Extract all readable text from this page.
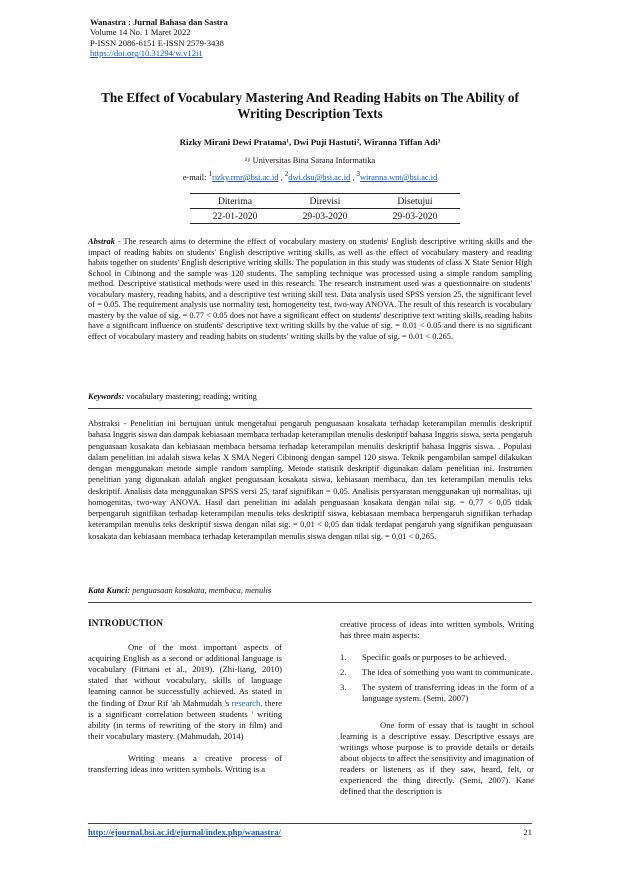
Wanastra : Jurnal Bahasa dan Sastra
Volume 14 No. 1 Maret 2022
P-ISSN 2086-6151 E-ISSN 2579-3438
https://doi.org/10.31294/w.v12i1
The Effect of Vocabulary Mastering And Reading Habits on The Ability of Writing Description Texts
Rizky Mirani Dewi Pratama¹, Dwi Puji Hastuti², Wiranna Tiffan Adi³
¹ʲʳ Universitas Bina Sarana Informatika
e-mail: $^1$rizky.rmr@bsi.ac.id , $^2$dwi.dsu@bsi.ac.id , $^3$wiranna.wnt@bsi.ac.id
Diterima	Direvisi	Disetujui
22-01-2020	29-03-2020	29-03-2020
Abstrak - The research aims to determine the effect of vocabulary mastery on students' English descriptive writing skills and the impact of reading habits on students' English descriptive writing skills, as well as the effect of vocabulary mastery and reading habits together on students' English descriptive writing skills. The population in this study was students of class X State Senior High School in Cibinong and the sample was 120 students. The sampling technique was processed using a simple random sampling method. Descriptive statistical methods were used in this research. The research instrument used was a questionnaire on students' vocabulary mastery, reading habits, and a descriptive test writing skill test. Data analysis used SPSS version 25, the significant level of = 0.05. The requirement analysis use normality test, homogeneity test, two-way ANOVA. The result of this research is vocabulary mastery by the value of sig. = 0.77 < 0.05 does not have a significant effect on students' descriptive text writing skills, reading habits have a significant influence on students' descriptive text writing skills by the value of sig. = 0.01 < 0.05 and there is no significant effect of vocabulary mastery and reading habits on students' writing skills by the value of sig. = 0.01 < 0.265.
Keywords: vocabulary mastering; reading; writing
Abstraksi - Penelitian ini bertujuan untuk mengetahui pengaruh penguasaan kosakata terhadap keterampilan menulis deskriptif bahasa Inggris siswa dan dampak kebiasaan membaca terhadap keterampilan menulis deskriptif bahasa Inggris siswa, serta pengaruh penguasaan kosakata dan kebiasaan membaca bersama terhadap keterampilan menulis deskriptif bahasa Inggris siswa. . Populasi dalam penelitian ini adalah siswa kelas X SMA Negeri Cibinong dengan sampel 120 siswa. Teknik pengambilan sampel dilakukan dengan menggunakan metode simple random sampling. Metode statistik deskriptif digunakan dalam penelitian ini. Instrumen penelitian yang digunakan adalah angket penguasaan kosakata siswa, kebiasaan membaca, dan tes keterampilan menulis teks deskriptif. Analisis data menggunakan SPSS versi 25, taraf signifikan = 0,05. Analisis persyaratan menggunakan uji normalitas, uji homogenitas, two-way ANOVA. Hasil dari penelitian ini adalah penguasaan kosakata dengan nilai sig. = 0,77 < 0,05 tidak berpengaruh signifikan terhadap keterampilan menulis teks deskriptif siswa, kebiasaan membaca berpengaruh signifikan terhadap keterampilan menulis teks deskriptif siswa dengan nilai sig. = 0,01 < 0,05 dan tidak terdapat pengaruh yang signifikan penguasaan kosakata dan kebiasaan membaca terhadap keterampilan menulis siswa dengan nilai sig. = 0,01 < 0,265.
Kata Kunci: penguasaan kosakata, membaca, menulis
INTRODUCTION

One of the most important aspects of acquiring English as a second or additional language is vocabulary (Fitriani et al., 2019). (Zhi-liang, 2010) stated that without vocabulary, skills of language learning cannot be successfully achieved. As stated in the finding of Dzur Rif 'ah Mahmudah 's research, there is a significant correlation between students ' writing ability (in terms of rewriting of the story in film) and their vocabulary mastery. (Mahmudah, 2014)

Writing means a creative process of transferring ideas into written symbols. Writing is a

creative process of ideas into written symbols. Writing has three main aspects:

1.	Specific goals or purposes to be achieved.
2.	The idea of something you want to communicate.
3.	The system of transferring ideas in the form of a language system. (Semi, 2007)

One form of essay that is taught in school learning is a descriptive essay. Descriptive essays are writings whose purpose is to provide details or details about objects to affect the sensitivity and imagination of readers or listeners as if they saw, heard, felt, or experienced the thing directly. (Semi, 2007). Kane defined that the description is

http://ejournal.bsi.ac.id/ejurnal/index.php/wanastra/	21
